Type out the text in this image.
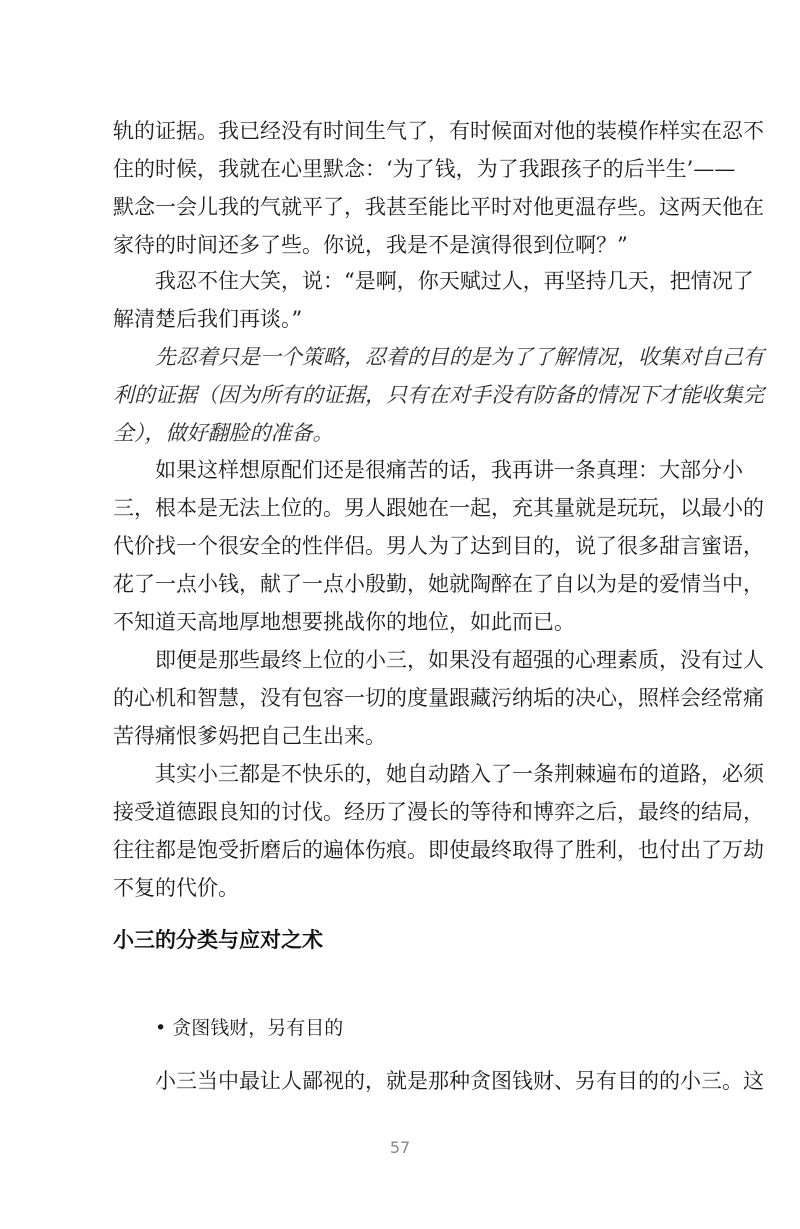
轨的证据。我已经没有时间生气了，有时候面对他的装模作样实在忍不
住的时候，我就在心里默念：‘为了钱，为了我跟孩子的后半生’——
默念一会儿我的气就平了，我甚至能比平时对他更温存些。这两天他在
家待的时间还多了些。你说，我是不是演得很到位啊？”
我忍不住大笑，说：“是啊，你天赋过人，再坚持几天，把情况了
解清楚后我们再谈。”
先忍着只是一个策略，忍着的目的是为了了解情况，收集对自己有
利的证据（因为所有的证据，只有在对手没有防备的情况下才能收集完
全），做好翻脸的准备。
如果这样想原配们还是很痛苦的话，我再讲一条真理：大部分小
三，根本是无法上位的。男人跟她在一起，充其量就是玩玩，以最小的
代价找一个很安全的性伴侣。男人为了达到目的，说了很多甜言蜜语，
花了一点小钱，献了一点小殷勤，她就陶醉在了自以为是的爱情当中，
不知道天高地厚地想要挑战你的地位，如此而已。
即便是那些最终上位的小三，如果没有超强的心理素质，没有过人
的心机和智慧，没有包容一切的度量跟藏污纳垢的决心，照样会经常痛
苦得痛恨爹妈把自己生出来。
其实小三都是不快乐的，她自动踏入了一条荆棘遍布的道路，必须
接受道德跟良知的讨伐。经历了漫长的等待和博弈之后，最终的结局，
往往都是饱受折磨后的遍体伤痕。即使最终取得了胜利，也付出了万劫
不复的代价。
小三的分类与应对之术
• 贪图钱财，另有目的
小三当中最让人鄙视的，就是那种贪图钱财、另有目的的小三。这
57
